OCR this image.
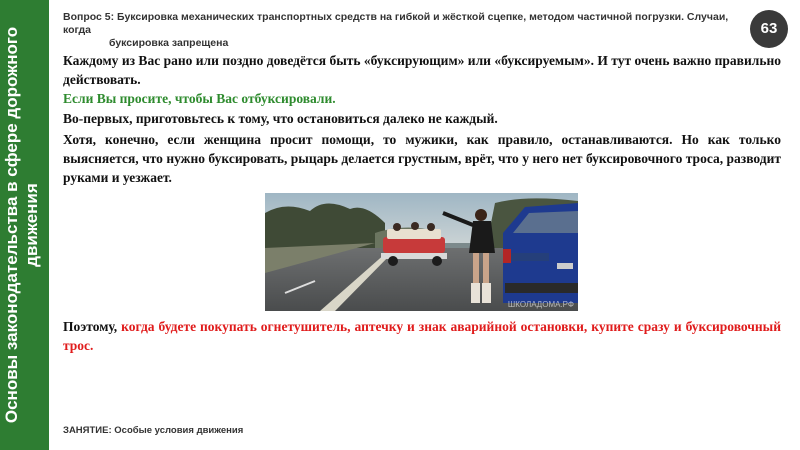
Основы законодательства в сфере дорожного движения
Вопрос 5: Буксировка механических транспортных средств на гибкой и жёсткой сцепке, методом частичной погрузки. Случаи, когда
буксировка запрещена
63

Каждому из Вас рано или поздно доведётся быть «буксирующим» или «буксируемым». И тут очень важно правильно действовать.

Если Вы просите, чтобы Вас отбуксировали.

Во-первых, приготовьтесь к тому, что остановиться далеко не каждый.

Хотя, конечно, если женщина просит помощи, то мужики, как правило, останавливаются. Но как только выясняется, что нужно буксировать, рыцарь делается грустным, врёт, что у него нет буксировочного троса, разводит руками и уезжает.

ШКОЛАДОМА.РФ

Поэтому, когда будете покупать огнетушитель, аптечку и знак аварийной остановки, купите сразу и буксировочный трос.

ЗАНЯТИЕ: Особые условия движения
